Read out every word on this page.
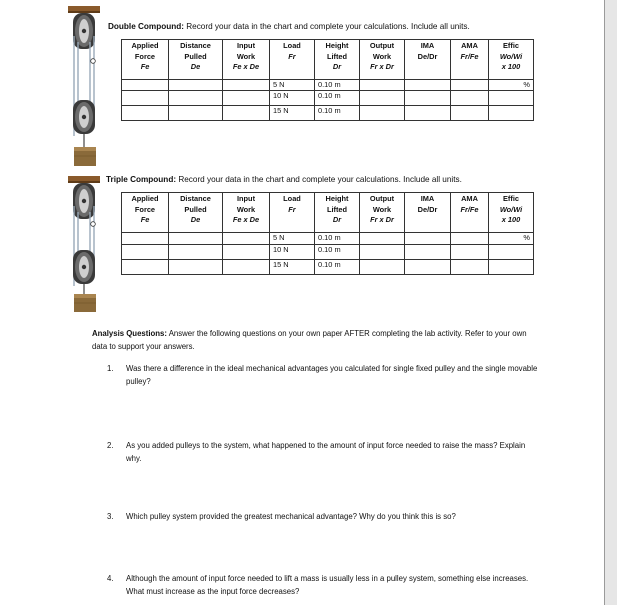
Double Compound: Record your data in the chart and complete your calculations. Include all units.
Applied
Force
Fe	Distance
Pulled
De	Input
Work
Fe x De	Load
Fr	Height
Lifted
Dr	Output
Work
Fr x Dr	IMA
De/Dr	AMA
Fr/Fe	Effic
Wo/Wi
x 100

			5 N	0.10 m				%
			10 N	0.10 m				
			15 N	0.10 m				
Triple Compound: Record your data in the chart and complete your calculations. Include all units.
Applied
Force
Fe	Distance
Pulled
De	Input
Work
Fe x De	Load
Fr	Height
Lifted
Dr	Output
Work
Fr x Dr	IMA
De/Dr	AMA
Fr/Fe	Effic
Wo/Wi
x 100

			5 N	0.10 m				%
			10 N	0.10 m				
			15 N	0.10 m				
Analysis Questions: Answer the following questions on your own paper AFTER completing the lab activity. Refer to your own data to support your answers.
1. Was there a difference in the ideal mechanical advantages you calculated for single fixed pulley and the single movable pulley?
2. As you added pulleys to the system, what happened to the amount of input force needed to raise the mass? Explain why.
3. Which pulley system provided the greatest mechanical advantage? Why do you think this is so?
4. Although the amount of input force needed to lift a mass is usually less in a pulley system, something else increases. What must increase as the input force decreases?
